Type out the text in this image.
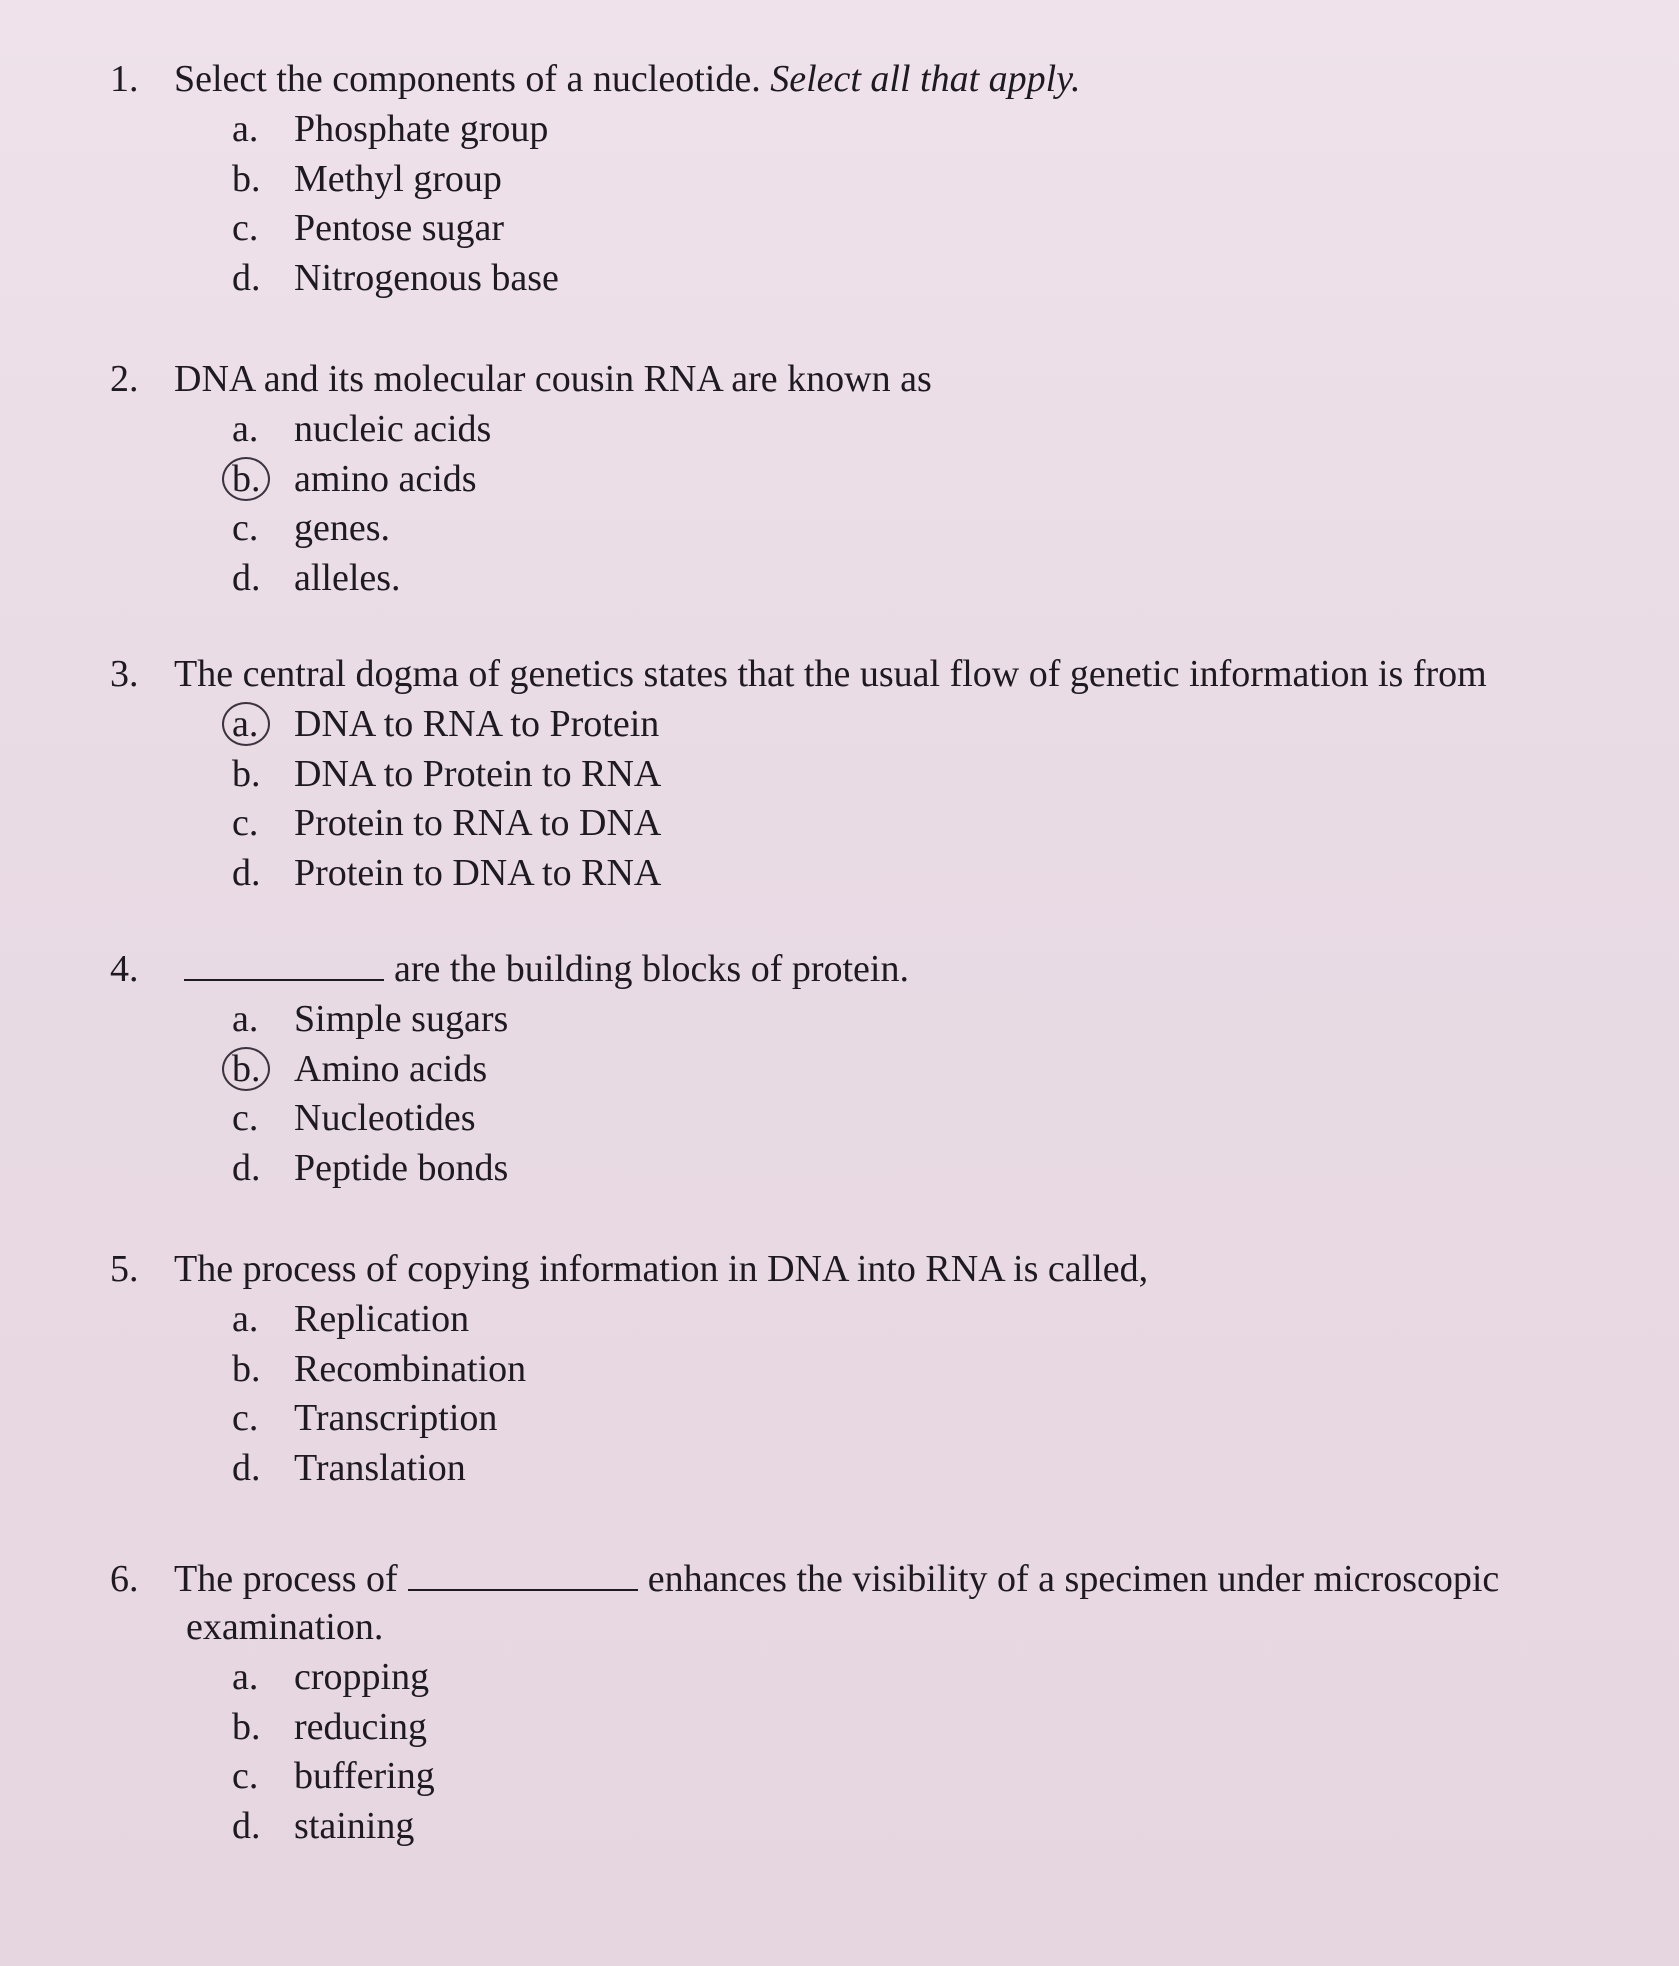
1. Select the components of a nucleotide. Select all that apply.
a. Phosphate group
b. Methyl group
c. Pentose sugar
d. Nitrogenous base
2. DNA and its molecular cousin RNA are known as
a. nucleic acids
b. amino acids
c. genes.
d. alleles.
3. The central dogma of genetics states that the usual flow of genetic information is from
a. DNA to RNA to Protein
b. DNA to Protein to RNA
c. Protein to RNA to DNA
d. Protein to DNA to RNA
4.	are the building blocks of protein.
a. Simple sugars
b. Amino acids
c. Nucleotides
d. Peptide bonds
5. The process of copying information in DNA into RNA is called,
a. Replication
b. Recombination
c. Transcription
d. Translation
6. The process of	enhances the visibility of a specimen under microscopic
examination.
a. cropping
b. reducing
c. buffering
d. staining
